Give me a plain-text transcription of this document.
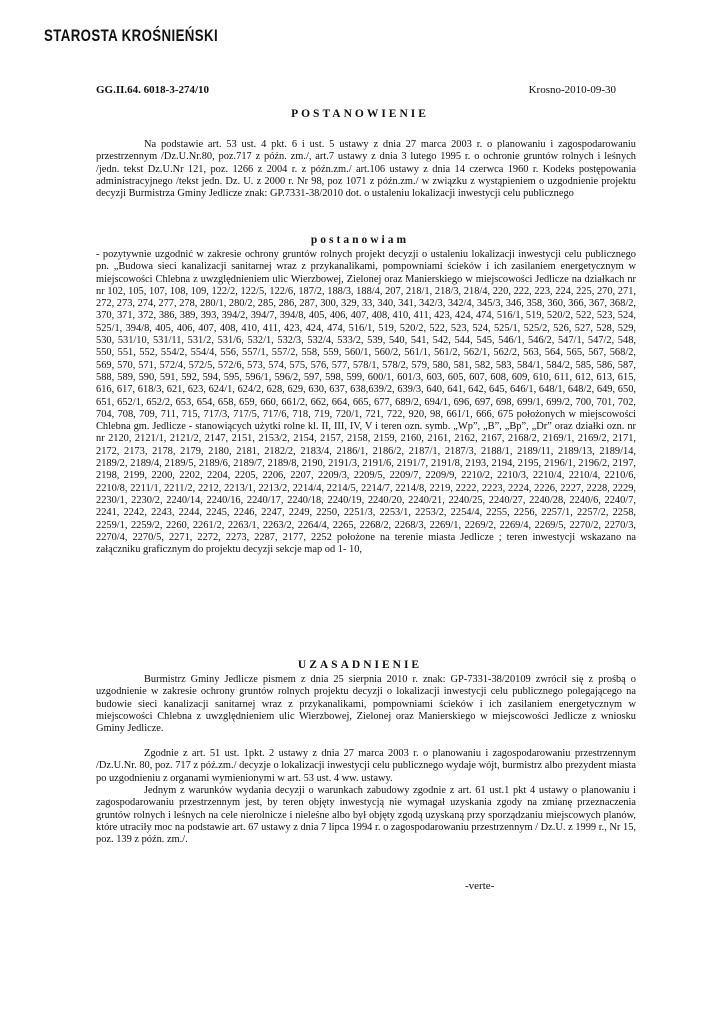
STAROSTA KROŚNIEŃSKI
GG.II.64. 6018-3-274/10	Krosno-2010-09-30
POSTANOWIENIE
Na podstawie art. 53 ust. 4 pkt. 6 i ust. 5 ustawy z dnia 27 marca 2003 r. o planowaniu i zagospodarowaniu przestrzennym /Dz.U.Nr.80, poz.717 z późn. zm./, art.7 ustawy z dnia 3 lutego 1995 r. o ochronie gruntów rolnych i leśnych /jedn. tekst Dz.U.Nr 121, poz. 1266 z 2004 r. z późn.zm./ art.106 ustawy z dnia 14 czerwca 1960 r. Kodeks postępowania administracyjnego /tekst jedn. Dz. U. z 2000 r. Nr 98, poz 1071 z późn.zm./ w związku z wystąpieniem o uzgodnienie projektu decyzji Burmistrza Gminy Jedlicze znak: GP.7331-38/2010 dot. o ustaleniu lokalizacji inwestycji celu publicznego
postanowiam
- pozytywnie uzgodnić w zakresie ochrony gruntów rolnych projekt decyzji o ustaleniu lokalizacji inwestycji celu publicznego pn. „Budowa sieci kanalizacji sanitarnej wraz z przykanalikami, pompowniami ścieków i ich zasilaniem energetycznym w miejscowości Chlebna z uwzględnieniem ulic Wierzbowej, Zielonej oraz Manierskiego w miejscowości Jedlicze na działkach nr nr 102, 105, 107, 108, 109, 122/2, 122/5, 122/6, 187/2, 188/3, 188/4, 207, 218/1, 218/3, 218/4, 220, 222, 223, 224, 225, 270, 271, 272, 273, 274, 277, 278, 280/1, 280/2, 285, 286, 287, 300, 329, 33, 340, 341, 342/3, 342/4, 345/3, 346, 358, 360, 366, 367, 368/2, 370, 371, 372, 386, 389, 393, 394/2, 394/7, 394/8, 405, 406, 407, 408, 410, 411, 423, 424, 474, 516/1, 519, 520/2, 522, 523, 524, 525/1, 394/8, 405, 406, 407, 408, 410, 411, 423, 424, 474, 516/1, 519, 520/2, 522, 523, 524, 525/1, 525/2, 526, 527, 528, 529, 530, 531/10, 531/11, 531/2, 531/6, 532/1, 532/3, 532/4, 533/2, 539, 540, 541, 542, 544, 545, 546/1, 546/2, 547/1, 547/2, 548, 550, 551, 552, 554/2, 554/4, 556, 557/1, 557/2, 558, 559, 560/1, 560/2, 561/1, 561/2, 562/1, 562/2, 563, 564, 565, 567, 568/2, 569, 570, 571, 572/4, 572/5, 572/6, 573, 574, 575, 576, 577, 578/1, 578/2, 579, 580, 581, 582, 583, 584/1, 584/2, 585, 586, 587, 588, 589, 590, 591, 592, 594, 595, 596/1, 596/2, 597, 598, 599, 600/1, 601/3, 603, 605, 607, 608, 609, 610, 611, 612, 613, 615, 616, 617, 618/3, 621, 623, 624/1, 624/2, 628, 629, 630, 637, 638,639/2, 639/3, 640, 641, 642, 645, 646/1, 648/1, 648/2, 649, 650, 651, 652/1, 652/2, 653, 654, 658, 659, 660, 661/2, 662, 664, 665, 677, 689/2, 694/1, 696, 697, 698, 699/1, 699/2, 700, 701, 702, 704, 708, 709, 711, 715, 717/3, 717/5, 717/6, 718, 719, 720/1, 721, 722, 920, 98, 661/1, 666, 675 położonych w miejscowości Chlebna gm. Jedlicze - stanowiących użytki rolne kl. II, III, IV, V i teren ozn. symb. „Wp”, „B”, „Bp”, „Dr” oraz działki ozn. nr nr 2120, 2121/1, 2121/2, 2147, 2151, 2153/2, 2154, 2157, 2158, 2159, 2160, 2161, 2162, 2167, 2168/2, 2169/1, 2169/2, 2171, 2172, 2173, 2178, 2179, 2180, 2181, 2182/2, 2183/4, 2186/1, 2186/2, 2187/1, 2187/3, 2188/1, 2189/11, 2189/13, 2189/14, 2189/2, 2189/4, 2189/5, 2189/6, 2189/7, 2189/8, 2190, 2191/3, 2191/6, 2191/7, 2191/8, 2193, 2194, 2195, 2196/1, 2196/2, 2197, 2198, 2199, 2200, 2202, 2204, 2205, 2206, 2207, 2209/3, 2209/5, 2209/7, 2209/9, 2210/2, 2210/3, 2210/4, 2210/4, 2210/6, 2210/8, 2211/1, 2211/2, 2212, 2213/1, 2213/2, 2214/4, 2214/5, 2214/7, 2214/8, 2219, 2222, 2223, 2224, 2226, 2227, 2228, 2229, 2230/1, 2230/2, 2240/14, 2240/16, 2240/17, 2240/18, 2240/19, 2240/20, 2240/21, 2240/25, 2240/27, 2240/28, 2240/6, 2240/7, 2241, 2242, 2243, 2244, 2245, 2246, 2247, 2249, 2250, 2251/3, 2253/1, 2253/2, 2254/4, 2255, 2256, 2257/1, 2257/2, 2258, 2259/1, 2259/2, 2260, 2261/2, 2263/1, 2263/2, 2264/4, 2265, 2268/2, 2268/3, 2269/1, 2269/2, 2269/4, 2269/5, 2270/2, 2270/3, 2270/4, 2270/5, 2271, 2272, 2273, 2287, 2177, 2252 położone na terenie miasta Jedlicze ; teren inwestycji wskazano na załączniku graficznym do projektu decyzji sekcje map od 1- 10,
UZASADNIENIE
Burmistrz Gminy Jedlicze pismem z dnia 25 sierpnia 2010 r. znak: GP-7331-38/20109 zwrócił się z prośbą o uzgodnienie w zakresie ochrony gruntów rolnych projektu decyzji o lokalizacji inwestycji celu publicznego polegającego na budowie sieci kanalizacji sanitarnej wraz z przykanalikami, pompowniami ścieków i ich zasilaniem energetycznym w miejscowości Chlebna z uwzględnieniem ulic Wierzbowej, Zielonej oraz Manierskiego w miejscowości Jedlicze z wniosku Gminy Jedlicze.
Zgodnie z art. 51 ust. 1pkt. 2 ustawy z dnia 27 marca 2003 r. o planowaniu i zagospodarowaniu przestrzennym /Dz.U.Nr. 80, poz. 717 z póź.zm./ decyzje o lokalizacji inwestycji celu publicznego wydaje wójt, burmistrz albo prezydent miasta po uzgodnieniu z organami wymienionymi w art. 53 ust. 4 ww. ustawy.
Jednym z warunków wydania decyzji o warunkach zabudowy zgodnie z art. 61 ust.1 pkt 4 ustawy o planowaniu i zagospodarowaniu przestrzennym jest, by teren objęty inwestycją nie wymagał uzyskania zgody na zmianę przeznaczenia gruntów rolnych i leśnych na cele nierolnicze i nieleśne albo był objęty zgodą uzyskaną przy sporządzaniu miejscowych planów, które utraciły moc na podstawie art. 67 ustawy z dnia 7 lipca 1994 r. o zagospodarowaniu przestrzennym / Dz.U. z 1999 r., Nr 15, poz. 139 z późn. zm./.
-verte-
